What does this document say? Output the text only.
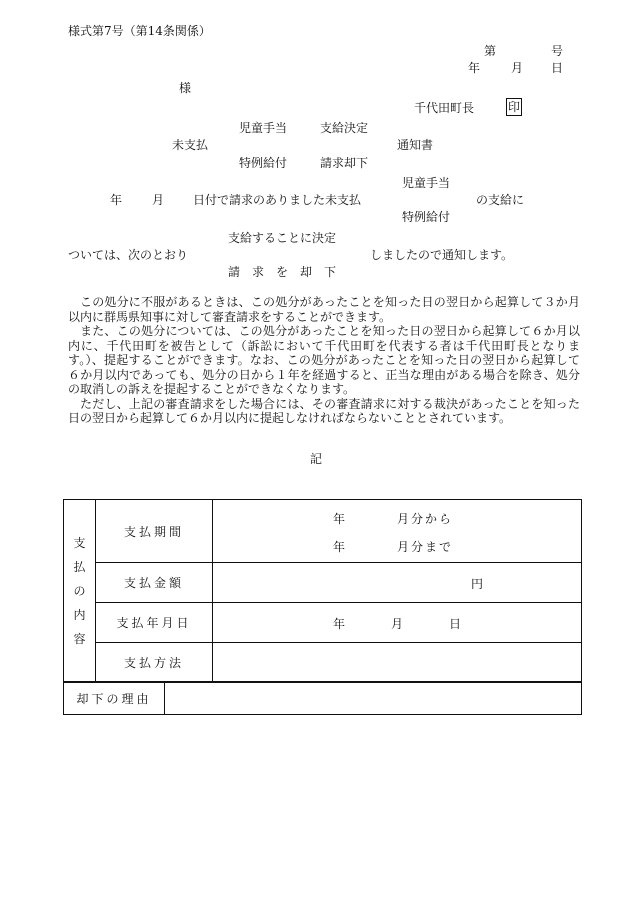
様式第7号（第14条関係）
第	号
年	月 日
様
千代田町長	印
児童手当	支給決定
未支払	通知書
特例給付	請求却下
児童手当
年 月 日付で請求のありました未支払	の支給に
特例給付
支給することに決定
ついては、次のとおり	しましたので通知します。
請　求　を　却　下

この処分に不服があるときは、この処分があったことを知った日の翌日から起算して３か月以内に群馬県知事に対して審査請求をすることができます。

また、この処分については、この処分があったことを知った日の翌日から起算して６か月以内に、千代田町を被告として（訴訟において千代田町を代表する者は千代田町長となります。）、提起することができます。なお、この処分があったことを知った日の翌日から起算して６か月以内であっても、処分の日から１年を経過すると、正当な理由がある場合を除き、処分の取消しの訴えを提起することができなくなります。

ただし、上記の審査請求をした場合には、その審査請求に対する裁決があったことを知った日の翌日から起算して６か月以内に提起しなければならないこととされています。

記
支
払
の
内
容	支払期間	年 月分から
年 月分まで

	支払金額	円

	支払年月日	年 月 日

	支払方法	
却下の理由	
